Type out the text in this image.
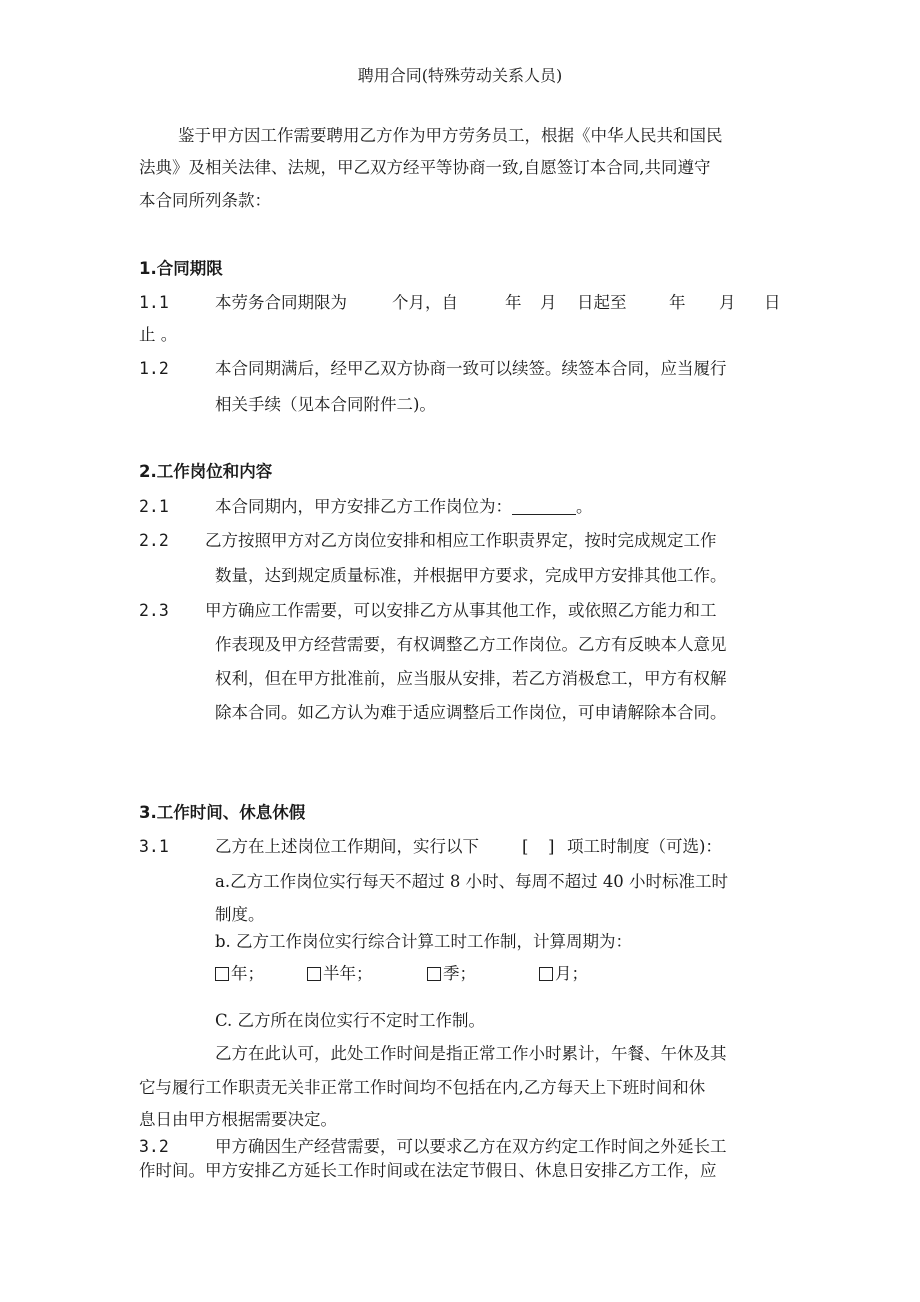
聘用合同(特殊劳动关系人员)
鉴于甲方因工作需要聘用乙方作为甲方劳务员工，根据《中华人民共和国民
法典》及相关法律、法规，甲乙双方经平等协商一致,自愿签订本合同,共同遵守
本合同所列条款：
1.合同期限
1.1	本劳务合同期限为	个月，自	年 月 日起至	年 月 日
止 。
1.2	本合同期满后，经甲乙双方协商一致可以续签。续签本合同，应当履行
相关手续（见本合同附件二)。
2.工作岗位和内容
2.1	本合同期内，甲方安排乙方工作岗位为：	。
2.2 乙方按照甲方对乙方岗位安排和相应工作职责界定，按时完成规定工作
数量，达到规定质量标准，并根据甲方要求，完成甲方安排其他工作。
2.3 甲方确应工作需要，可以安排乙方从事其他工作，或依照乙方能力和工
作表现及甲方经营需要，有权调整乙方工作岗位。乙方有反映本人意见
权利，但在甲方批准前，应当服从安排，若乙方消极怠工，甲方有权解
除本合同。如乙方认为难于适应调整后工作岗位，可申请解除本合同。
3.工作时间、休息休假
3.1	乙方在上述岗位工作期间，实行以下	[ ] 项工时制度（可选)：
a.乙方工作岗位实行每天不超过 8 小时、每周不超过 40 小时标准工时
制度。
b. 乙方工作岗位实行综合计算工时工作制，计算周期为：
年；	半年；	季；	月；
C. 乙方所在岗位实行不定时工作制。
乙方在此认可，此处工作时间是指正常工作小时累计，午餐、午休及其
它与履行工作职责无关非正常工作时间均不包括在内,乙方每天上下班时间和休
息日由甲方根据需要决定。
3.2	甲方确因生产经营需要，可以要求乙方在双方约定工作时间之外延长工
作时间。甲方安排乙方延长工作时间或在法定节假日、休息日安排乙方工作，应
